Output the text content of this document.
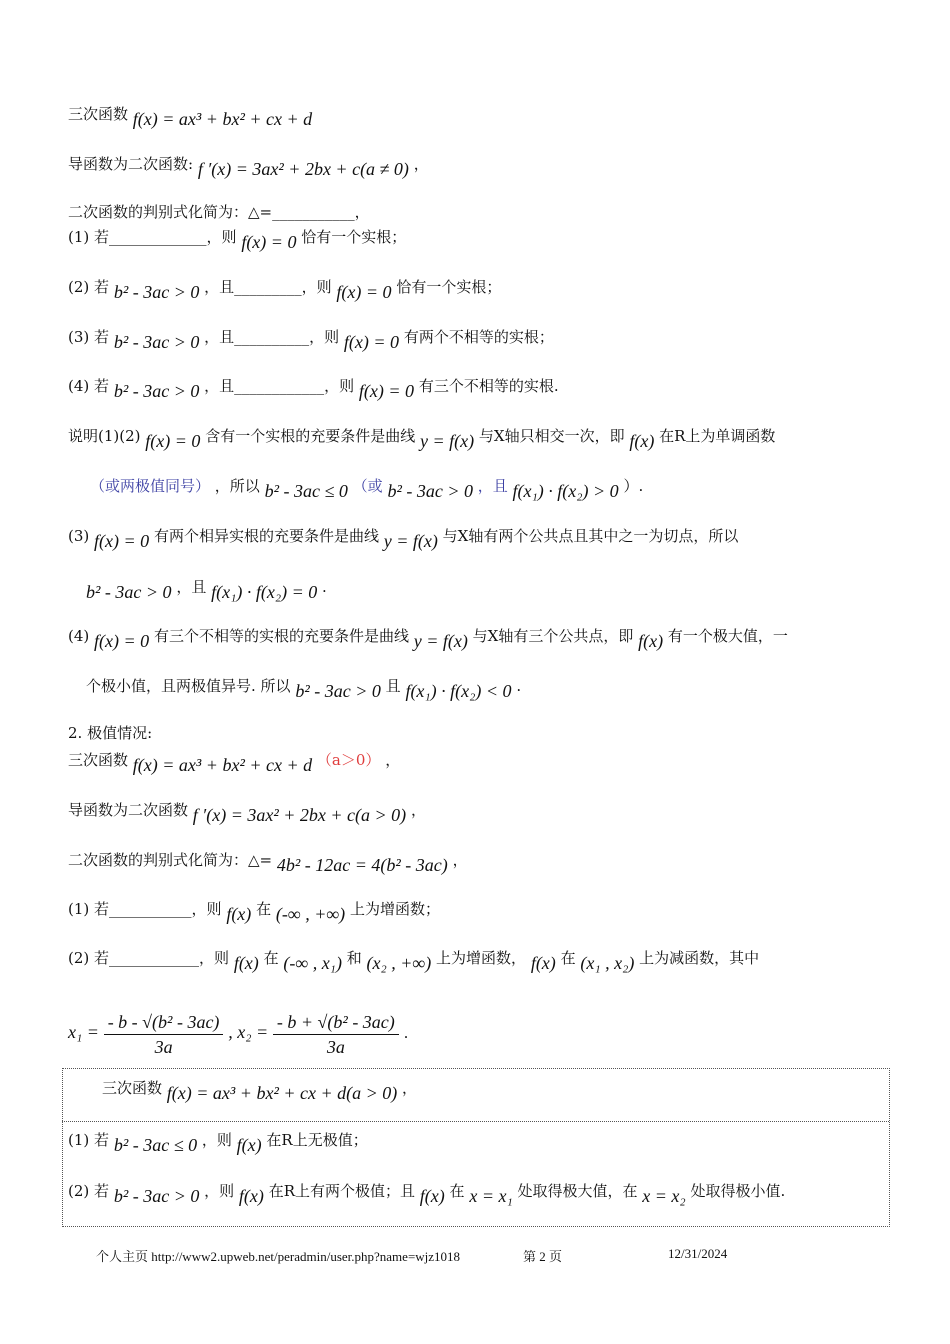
三次函数 f(x) = ax³ + bx² + cx + d
导函数为二次函数: f ′(x) = 3ax² + 2bx + c(a ≠ 0) ，
二次函数的判别式化简为：△=___________，
(1) 若_____________，则 f(x) = 0 恰有一个实根；
(2) 若 b² - 3ac > 0 ，且_________，则 f(x) = 0 恰有一个实根；
(3) 若 b² - 3ac > 0 ，且__________，则 f(x) = 0 有两个不相等的实根；
(4) 若 b² - 3ac > 0 ，且____________，则 f(x) = 0 有三个不相等的实根.
说明(1)(2) f(x) = 0 含有一个实根的充要条件是曲线 y = f(x) 与X轴只相交一次，即 f(x) 在R上为单调函数
（或两极值同号） ，所以 b² - 3ac ≤ 0 （或 b² - 3ac > 0 ，且 f(x₁) · f(x₂) > 0 ）.
(3) f(x) = 0 有两个相异实根的充要条件是曲线 y = f(x) 与X轴有两个公共点且其中之一为切点，所以
b² - 3ac > 0 ，且 f(x₁) · f(x₂) = 0 .
(4) f(x) = 0 有三个不相等的实根的充要条件是曲线 y = f(x) 与X轴有三个公共点，即 f(x) 有一个极大值，一
个极小值，且两极值异号. 所以 b² - 3ac > 0 且 f(x₁) · f(x₂) < 0 .
2. 极值情况:
三次函数 f(x) = ax³ + bx² + cx + d （a＞0） ，
导函数为二次函数 f ′(x) = 3ax² + 2bx + c(a > 0) ，
二次函数的判别式化简为：△= 4b² - 12ac = 4(b² - 3ac) ，
(1) 若___________，则 f(x) 在 (-∞ , +∞) 上为增函数；
(2) 若____________，则 f(x) 在 (-∞ , x₁) 和 (x₂ , +∞) 上为增函数， f(x) 在 (x₁ , x₂) 上为减函数，其中
$x_1 = \frac{\text{- b - √(b² - 3ac)}}{3a}$ , $x_2 = \frac{\text{- b + √(b² - 3ac)}}{3a}$ .
三次函数 f(x) = ax³ + bx² + cx + d(a > 0) ，
(1) 若 b² - 3ac ≤ 0 ，则 f(x) 在R上无极值；
(2) 若 b² - 3ac > 0 ，则 f(x) 在R上有两个极值；且 f(x) 在 x = x₁ 处取得极大值，在 x = x₂ 处取得极小值.
个人主页 http://www2.upweb.net/peradmin/user.php?name=wjz1018	第 2 页	12/31/2024
